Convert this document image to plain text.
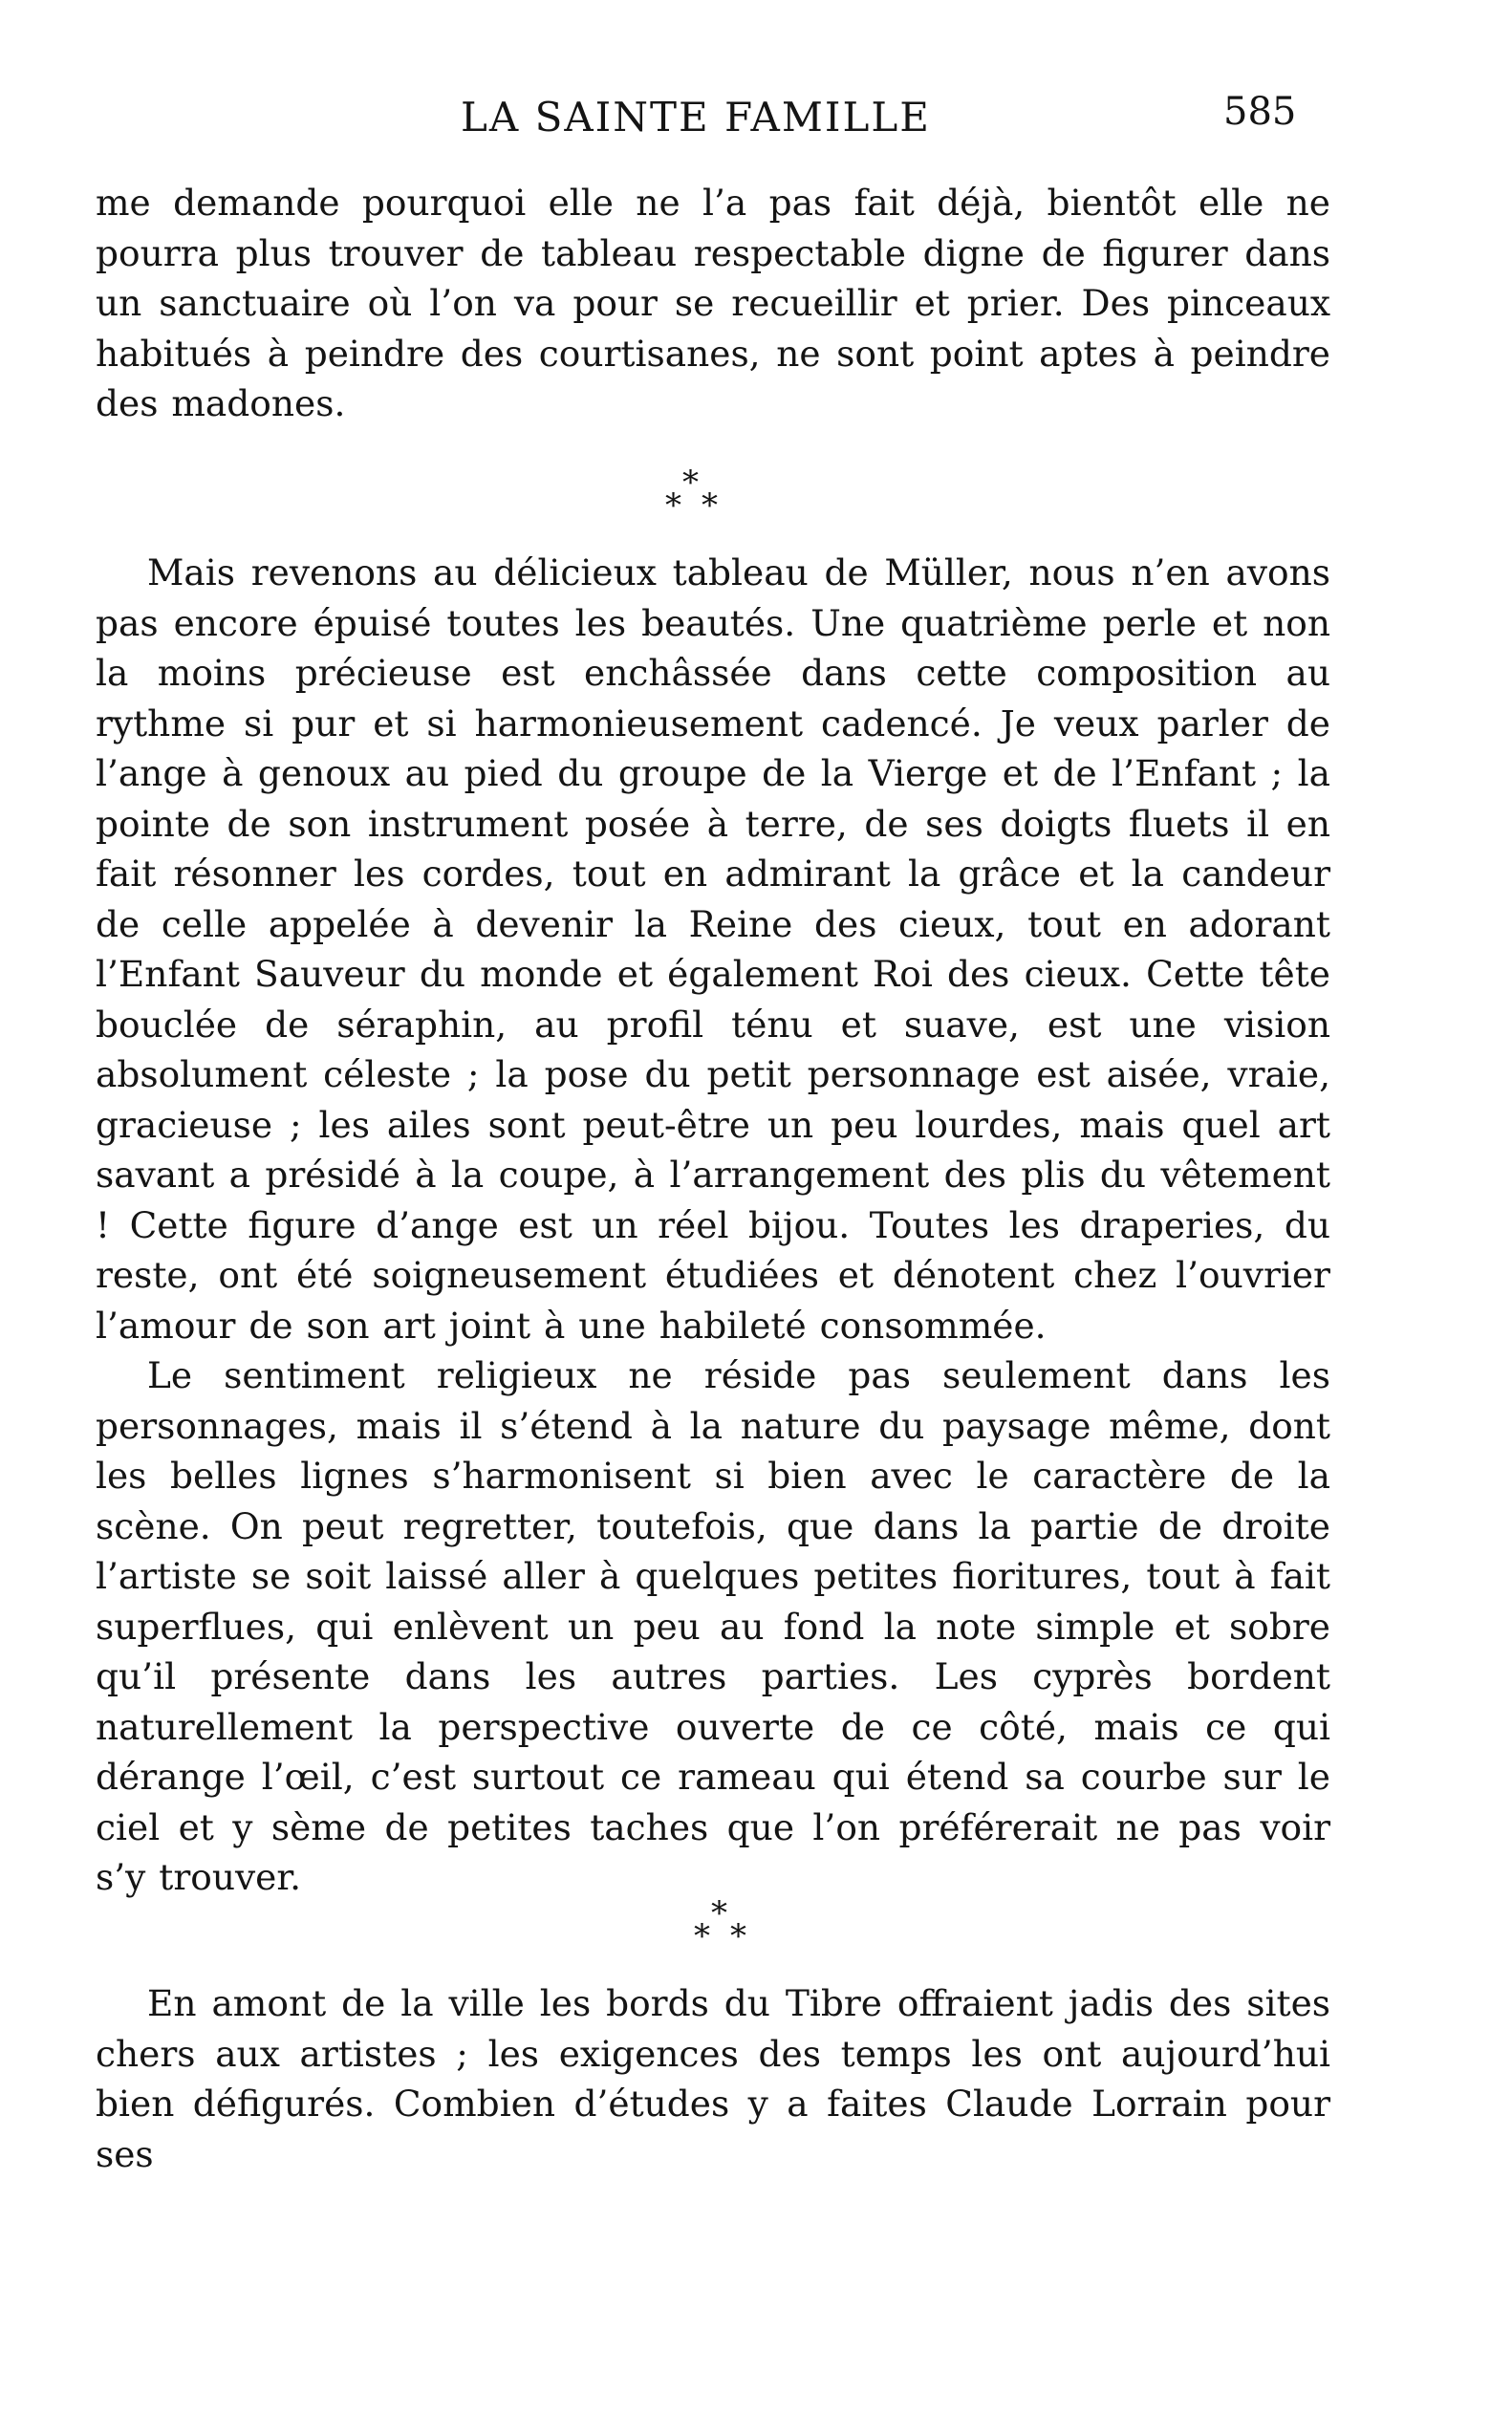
LA SAINTE FAMILLE	585

me demande pourquoi elle ne l’a pas fait déjà, bientôt elle ne pourra plus trouver de tableau respectable digne de figurer dans un sanctuaire où l’on va pour se recueillir et prier. Des pinceaux habitués à peindre des courtisanes, ne sont point aptes à peindre des madones.

*
* *

Mais revenons au délicieux tableau de Müller, nous n’en avons pas encore épuisé toutes les beautés. Une quatrième perle et non la moins précieuse est enchâssée dans cette composition au rythme si pur et si harmonieusement cadencé. Je veux parler de l’ange à genoux au pied du groupe de la Vierge et de l’Enfant ; la pointe de son instrument posée à terre, de ses doigts fluets il en fait résonner les cordes, tout en admirant la grâce et la candeur de celle appelée à devenir la Reine des cieux, tout en adorant l’Enfant Sauveur du monde et également Roi des cieux. Cette tête bouclée de séraphin, au profil ténu et suave, est une vision absolument céleste ; la pose du petit personnage est aisée, vraie, gracieuse ; les ailes sont peut-être un peu lourdes, mais quel art savant a présidé à la coupe, à l’arrangement des plis du vêtement ! Cette figure d’ange est un réel bijou. Toutes les draperies, du reste, ont été soigneusement étudiées et dénotent chez l’ouvrier l’amour de son art joint à une habileté consommée.

Le sentiment religieux ne réside pas seulement dans les personnages, mais il s’étend à la nature du paysage même, dont les belles lignes s’harmonisent si bien avec le caractère de la scène. On peut regretter, toutefois, que dans la partie de droite l’artiste se soit laissé aller à quelques petites fioritures, tout à fait superflues, qui enlèvent un peu au fond la note simple et sobre qu’il présente dans les autres parties. Les cyprès bordent naturellement la perspective ouverte de ce côté, mais ce qui dérange l’œil, c’est surtout ce rameau qui étend sa courbe sur le ciel et y sème de petites taches que l’on préférerait ne pas voir s’y trouver.

*
* *

En amont de la ville les bords du Tibre offraient jadis des sites chers aux artistes ; les exigences des temps les ont aujourd’hui bien défigurés. Combien d’études y a faites Claude Lorrain pour ses
